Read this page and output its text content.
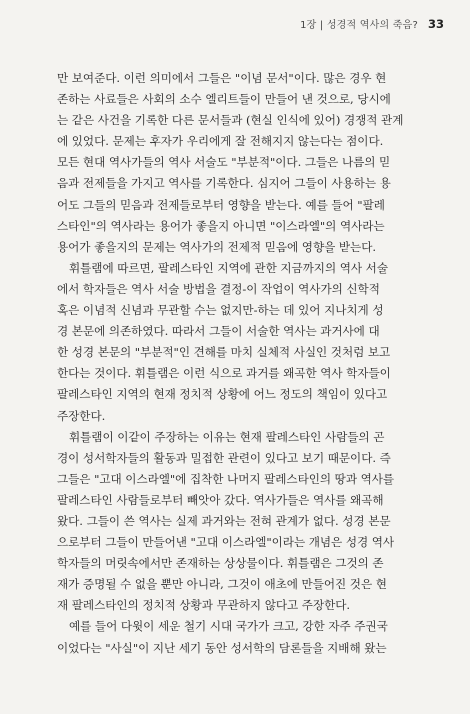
1장 | 성경적 역사의 죽음? 33
만 보여준다. 이런 의미에서 그들은 "이념 문서"이다. 많은 경우 현
존하는 사료들은 사회의 소수 엘리트들이 만들어 낸 것으로, 당시에
는 같은 사건을 기록한 다른 문서들과 (현실 인식에 있어) 경쟁적 관계
에 있었다. 문제는 후자가 우리에게 잘 전해지지 않는다는 점이다.
모든 현대 역사가들의 역사 서술도 "부분적"이다. 그들은 나름의 믿
음과 전제들을 가지고 역사를 기록한다. 심지어 그들이 사용하는 용
어도 그들의 믿음과 전제들로부터 영향을 받는다. 예를 들어 "팔레
스타인"의 역사라는 용어가 좋을지 아니면 "이스라엘"의 역사라는
용어가 좋을지의 문제는 역사가의 전제적 믿음에 영향을 받는다.
휘틀램에 따르면, 팔레스타인 지역에 관한 지금까지의 역사 서술
에서 학자들은 역사 서술 방법을 결정-이 작업이 역사가의 신학적
혹은 이념적 신념과 무관할 수는 없지만-하는 데 있어 지나치게 성
경 본문에 의존하였다. 따라서 그들이 서술한 역사는 과거사에 대
한 성경 본문의 "부분적"인 견해를 마치 실체적 사실인 것처럼 보고
한다는 것이다. 휘틀램은 이런 식으로 과거를 왜곡한 역사 학자들이
팔레스타인 지역의 현재 정치적 상황에 어느 정도의 책임이 있다고
주장한다.
휘틀램이 이같이 주장하는 이유는 현재 팔레스타인 사람들의 곤
경이 성서학자들의 활동과 밀접한 관련이 있다고 보기 때문이다. 즉
그들은 "고대 이스라엘"에 집착한 나머지 팔레스타인의 땅과 역사를
팔레스타인 사람들로부터 빼앗아 갔다. 역사가들은 역사를 왜곡해
왔다. 그들이 쓴 역사는 실제 과거와는 전혀 관계가 없다. 성경 본문
으로부터 그들이 만들어낸 "고대 이스라엘"이라는 개념은 성경 역사
학자들의 머릿속에서만 존재하는 상상물이다. 휘틀램은 그것의 존
재가 증명될 수 없을 뿐만 아니라, 그것이 애초에 만들어진 것은 현
재 팔레스타인의 정치적 상황과 무관하지 않다고 주장한다.
예를 들어 다윗이 세운 철기 시대 국가가 크고, 강한 자주 주권국
이었다는 "사실"이 지난 세기 동안 성서학의 담론들을 지배해 왔는
